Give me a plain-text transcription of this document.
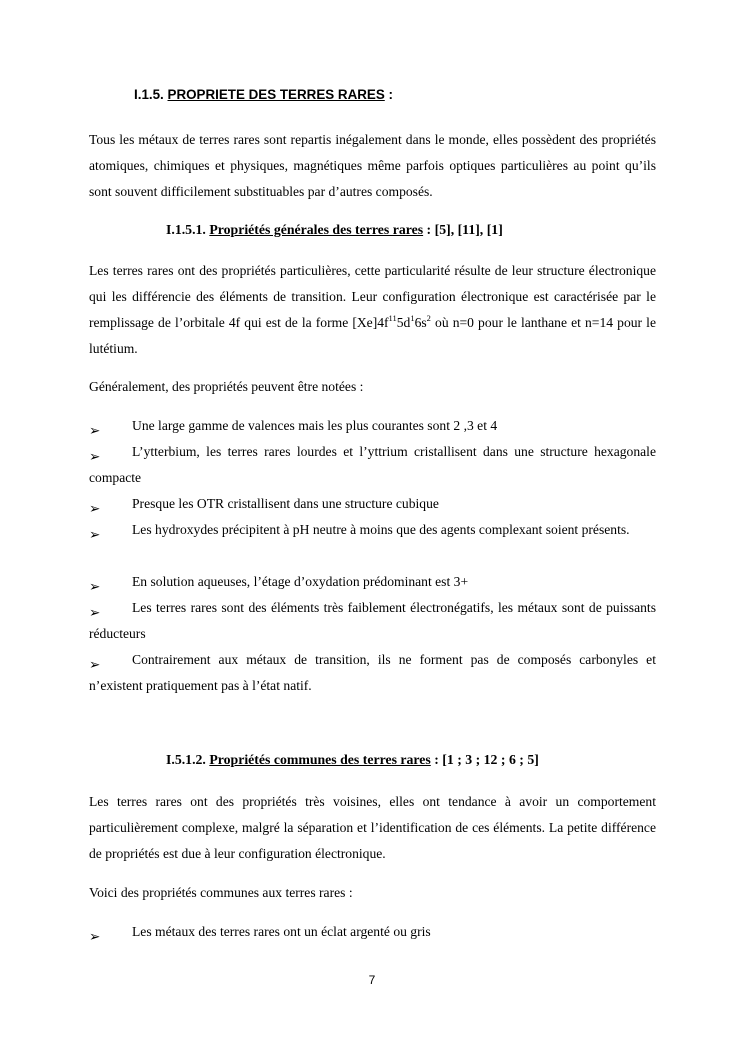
I.1.5. PROPRIETE DES TERRES RARES :
Tous les métaux de terres rares sont repartis inégalement dans le monde, elles possèdent des propriétés atomiques, chimiques et physiques, magnétiques même parfois optiques particulières au point qu’ils sont souvent difficilement substituables par d’autres composés.
I.1.5.1. Propriétés générales des terres rares : [5], [11], [1]
Les terres rares ont des propriétés particulières, cette particularité résulte de leur structure électronique qui les différencie des éléments de transition. Leur configuration électronique est caractérisée par le remplissage de l’orbitale 4f qui est de la forme $[Xe]4f^{11}5d^16s^2$ où n=0 pour le lanthane et n=14 pour le lutétium.
Généralement, des propriétés peuvent être notées :
➢	Une large gamme de valences mais les plus courantes sont 2 ,3 et 4
➢	L’ytterbium, les terres rares lourdes et l’yttrium cristallisent dans une structure hexagonale compacte
➢	Presque les OTR cristallisent dans une structure cubique
➢	Les hydroxydes précipitent à pH neutre à moins que des agents complexant soient présents.
➢	En solution aqueuses, l’étage d’oxydation prédominant est 3+
➢	Les terres rares sont des éléments très faiblement électronégatifs, les métaux sont de puissants réducteurs
➢	Contrairement aux métaux de transition, ils ne forment pas de composés carbonyles et n’existent pratiquement pas à l’état natif.
I.5.1.2. Propriétés communes des terres rares : [1 ; 3 ; 12 ; 6 ; 5]
Les terres rares ont des propriétés très voisines, elles ont tendance à avoir un comportement particulièrement complexe, malgré la séparation et l’identification de ces éléments. La petite différence de propriétés est due à leur configuration électronique.
Voici des propriétés communes aux terres rares :
➢	Les métaux des terres rares ont un éclat argenté ou gris
7
